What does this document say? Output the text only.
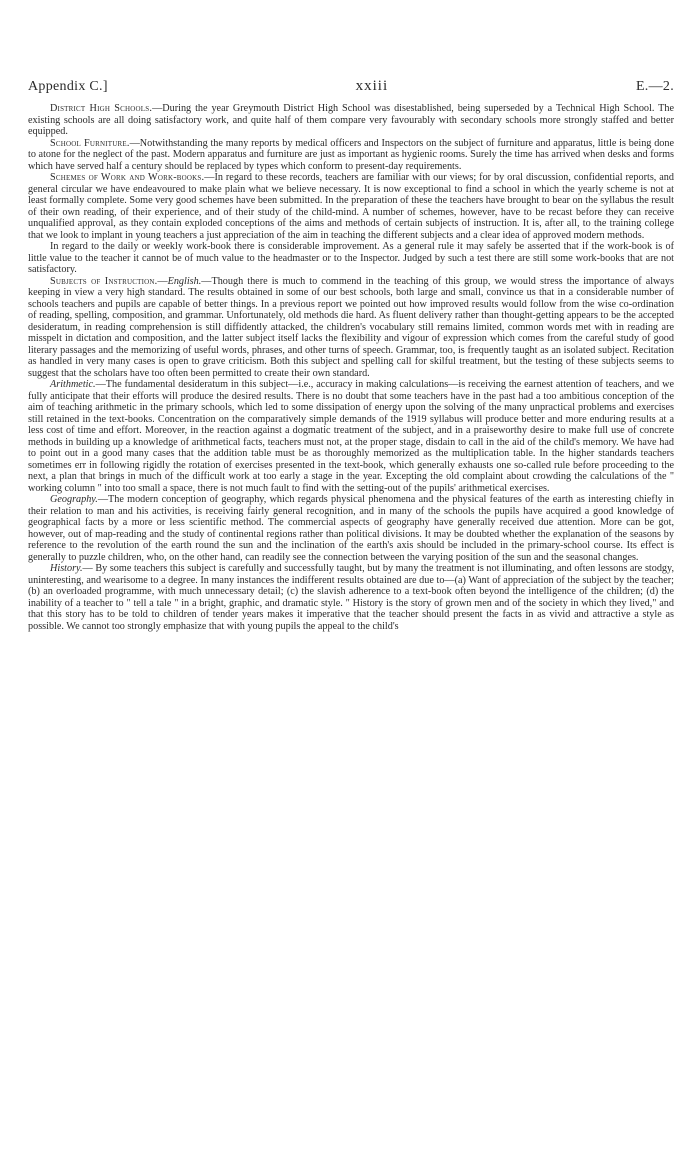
Appendix C.]	xxiii	E.—2.

District High Schools.—During the year Greymouth District High School was disestablished, being superseded by a Technical High School. The existing schools are all doing satisfactory work, and quite half of them compare very favourably with secondary schools more strongly staffed and better equipped.

School Furniture.—Notwithstanding the many reports by medical officers and Inspectors on the subject of furniture and apparatus, little is being done to atone for the neglect of the past. Modern apparatus and furniture are just as important as hygienic rooms. Surely the time has arrived when desks and forms which have served half a century should be replaced by types which conform to present-day requirements.

Schemes of Work and Work-books.—In regard to these records, teachers are familiar with our views; for by oral discussion, confidential reports, and general circular we have endeavoured to make plain what we believe necessary. It is now exceptional to find a school in which the yearly scheme is not at least formally complete. Some very good schemes have been submitted. In the preparation of these the teachers have brought to bear on the syllabus the result of their own reading, of their experience, and of their study of the child-mind. A number of schemes, however, have to be recast before they can receive unqualified approval, as they contain exploded conceptions of the aims and methods of certain subjects of instruction. It is, after all, to the training college that we look to implant in young teachers a just appreciation of the aim in teaching the different subjects and a clear idea of approved modern methods.

In regard to the daily or weekly work-book there is considerable improvement. As a general rule it may safely be asserted that if the work-book is of little value to the teacher it cannot be of much value to the headmaster or to the Inspector. Judged by such a test there are still some work-books that are not satisfactory.

Subjects of Instruction.—English.—Though there is much to commend in the teaching of this group, we would stress the importance of always keeping in view a very high standard. The results obtained in some of our best schools, both large and small, convince us that in a considerable number of schools teachers and pupils are capable of better things. In a previous report we pointed out how improved results would follow from the wise co-ordination of reading, spelling, composition, and grammar. Unfortunately, old methods die hard. As fluent delivery rather than thought-getting appears to be the accepted desideratum, in reading comprehension is still diffidently attacked, the children's vocabulary still remains limited, common words met with in reading are misspelt in dictation and composition, and the latter subject itself lacks the flexibility and vigour of expression which comes from the careful study of good literary passages and the memorizing of useful words, phrases, and other turns of speech. Grammar, too, is frequently taught as an isolated subject. Recitation as handled in very many cases is open to grave criticism. Both this subject and spelling call for skilful treatment, but the testing of these subjects seems to suggest that the scholars have too often been permitted to create their own standard.

Arithmetic.—The fundamental desideratum in this subject—i.e., accuracy in making calculations—is receiving the earnest attention of teachers, and we fully anticipate that their efforts will produce the desired results. There is no doubt that some teachers have in the past had a too ambitious conception of the aim of teaching arithmetic in the primary schools, which led to some dissipation of energy upon the solving of the many unpractical problems and exercises still retained in the text-books. Concentration on the comparatively simple demands of the 1919 syllabus will produce better and more enduring results at a less cost of time and effort. Moreover, in the reaction against a dogmatic treatment of the subject, and in a praiseworthy desire to make full use of concrete methods in building up a knowledge of arithmetical facts, teachers must not, at the proper stage, disdain to call in the aid of the child's memory. We have had to point out in a good many cases that the addition table must be as thoroughly memorized as the multiplication table. In the higher standards teachers sometimes err in following rigidly the rotation of exercises presented in the text-book, which generally exhausts one so-called rule before proceeding to the next, a plan that brings in much of the difficult work at too early a stage in the year. Excepting the old complaint about crowding the calculations of the " working column " into too small a space, there is not much fault to find with the setting-out of the pupils' arithmetical exercises.

Geography.—The modern conception of geography, which regards physical phenomena and the physical features of the earth as interesting chiefly in their relation to man and his activities, is receiving fairly general recognition, and in many of the schools the pupils have acquired a good knowledge of geographical facts by a more or less scientific method. The commercial aspects of geography have generally received due attention. More can be got, however, out of map-reading and the study of continental regions rather than political divisions. It may be doubted whether the explanation of the seasons by reference to the revolution of the earth round the sun and the inclination of the earth's axis should be included in the primary-school course. Its effect is generally to puzzle children, who, on the other hand, can readily see the connection between the varying position of the sun and the seasonal changes.

History.— By some teachers this subject is carefully and successfully taught, but by many the treatment is not illuminating, and often lessons are stodgy, uninteresting, and wearisome to a degree. In many instances the indifferent results obtained are due to—(a) Want of appreciation of the subject by the teacher; (b) an overloaded programme, with much unnecessary detail; (c) the slavish adherence to a text-book often beyond the intelligence of the children; (d) the inability of a teacher to " tell a tale " in a bright, graphic, and dramatic style. " History is the story of grown men and of the society in which they lived," and that this story has to be told to children of tender years makes it imperative that the teacher should present the facts in as vivid and attractive a style as possible. We cannot too strongly emphasize that with young pupils the appeal to the child's
